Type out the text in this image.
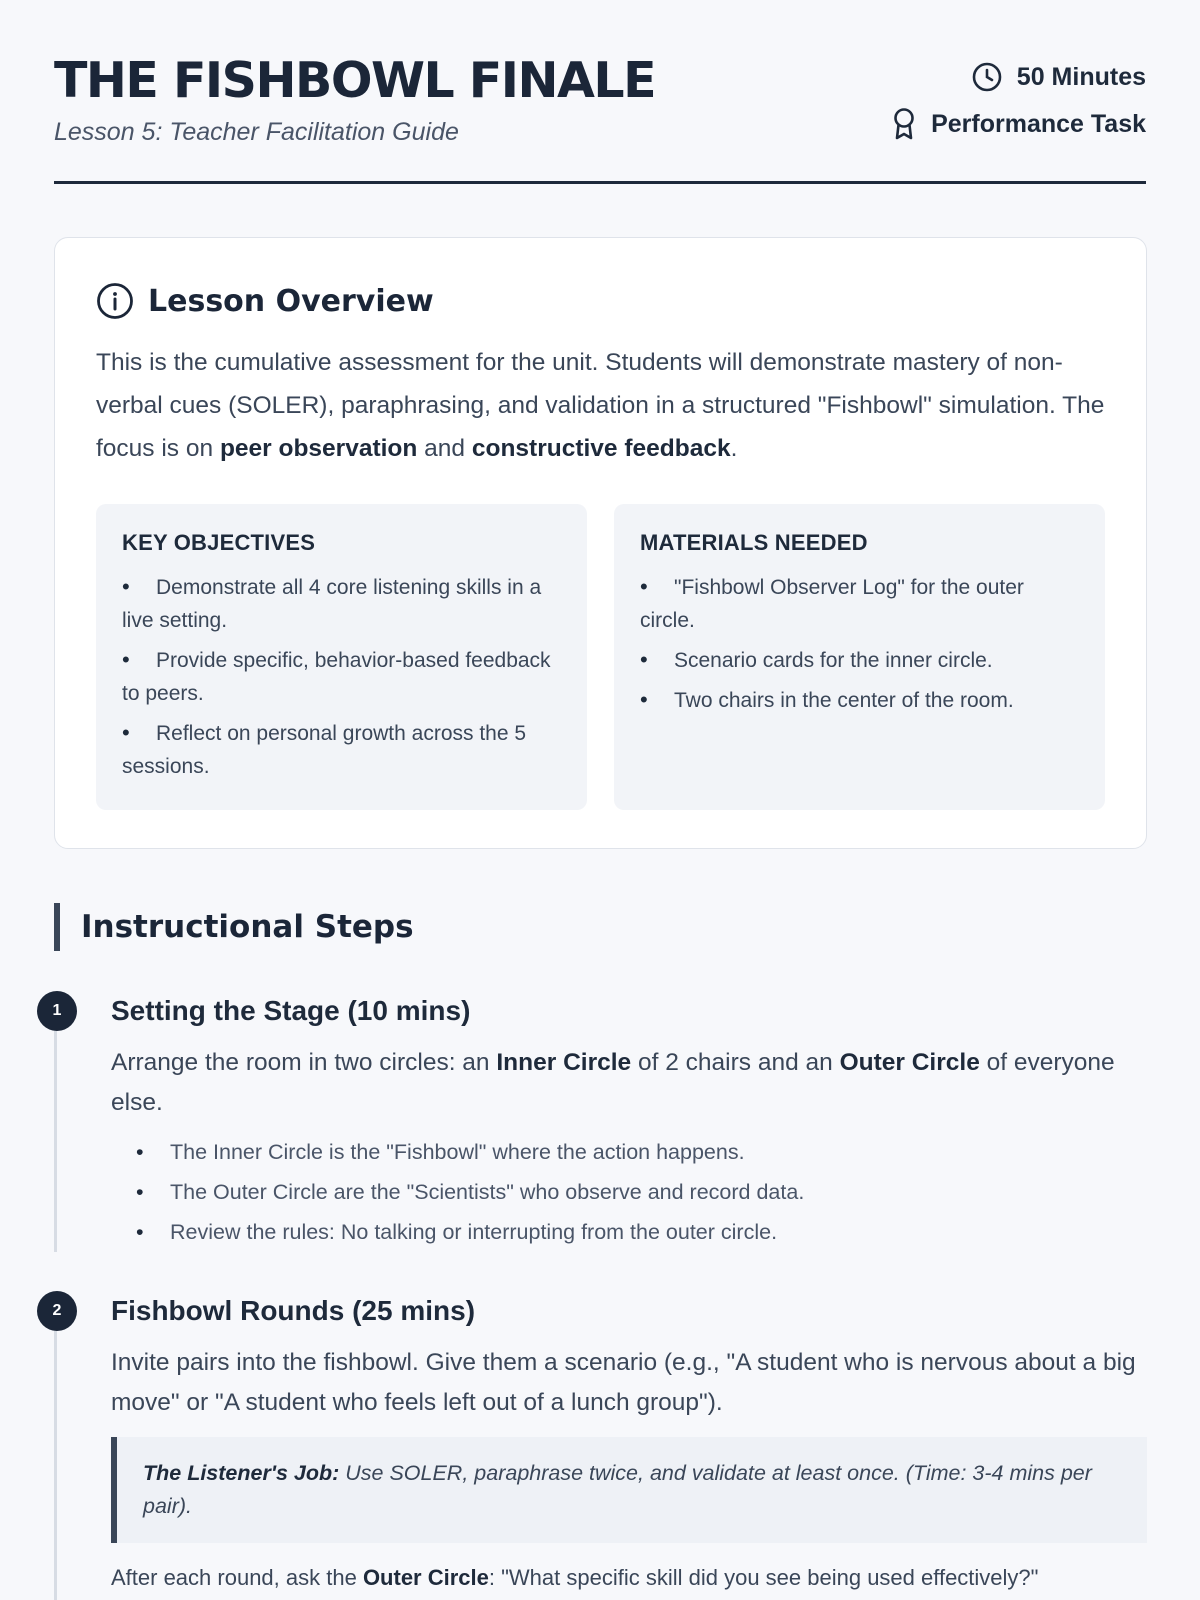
THE FISHBOWL FINALE
Lesson 5: Teacher Facilitation Guide
50 Minutes
Performance Task
Lesson Overview
This is the cumulative assessment for the unit. Students will demonstrate mastery of non-verbal cues (SOLER), paraphrasing, and validation in a structured "Fishbowl" simulation. The focus is on peer observation and constructive feedback.
KEY OBJECTIVES
• Demonstrate all 4 core listening skills in a live setting.
• Provide specific, behavior-based feedback to peers.
• Reflect on personal growth across the 5 sessions.
MATERIALS NEEDED
• "Fishbowl Observer Log" for the outer circle.
• Scenario cards for the inner circle.
• Two chairs in the center of the room.
Instructional Steps
1	Setting the Stage (10 mins)
Arrange the room in two circles: an Inner Circle of 2 chairs and an Outer Circle of everyone else.
• The Inner Circle is the "Fishbowl" where the action happens.
• The Outer Circle are the "Scientists" who observe and record data.
• Review the rules: No talking or interrupting from the outer circle.
2	Fishbowl Rounds (25 mins)
Invite pairs into the fishbowl. Give them a scenario (e.g., "A student who is nervous about a big move" or "A student who feels left out of a lunch group").
The Listener's Job: Use SOLER, paraphrase twice, and validate at least once. (Time: 3-4 mins per pair).
After each round, ask the Outer Circle: "What specific skill did you see being used effectively?"
